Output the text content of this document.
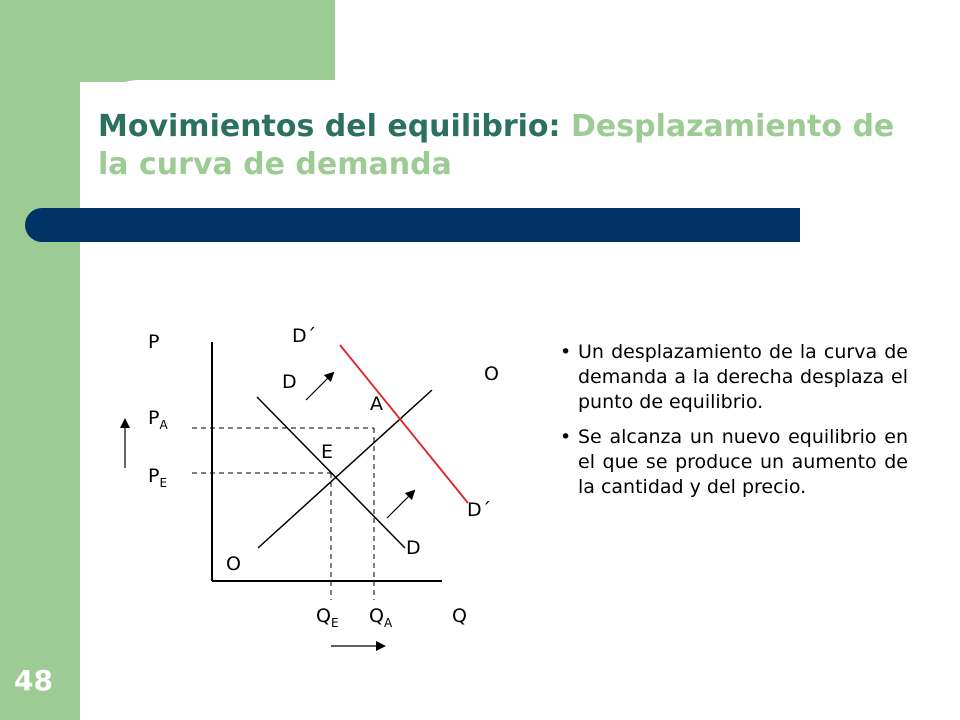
Movimientos del equilibrio: Desplazamiento de la curva de demanda
48
P
Q
$P_A$
$P_E$
$Q_E$ $Q_A$
O
O
D
D
D´
D´
E
A
• Un desplazamiento de la curva de demanda a la derecha desplaza el punto de equilibrio.
• Se alcanza un nuevo equilibrio en el que se produce un aumento de la cantidad y del precio.
